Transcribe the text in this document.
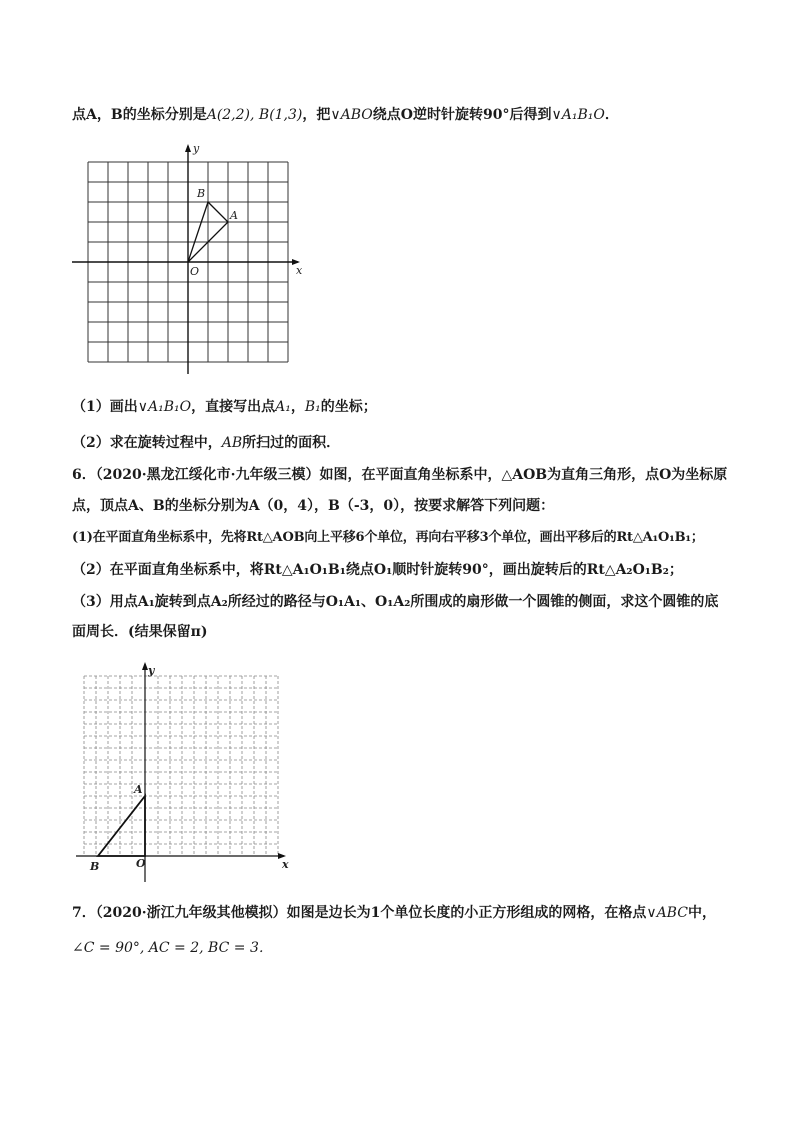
点A，B的坐标分别是A(2,2), B(1,3)，把∨ABO绕点O逆时针旋转90°后得到∨A₁B₁O．
y
x
B
A
O
（1）画出∨A₁B₁O，直接写出点A₁，B₁的坐标；
（2）求在旋转过程中，AB所扫过的面积．
6．（2020·黑龙江绥化市·九年级三模）如图，在平面直角坐标系中，△AOB为直角三角形，点O为坐标原
点，顶点A、B的坐标分别为A（0，4），B（-3，0），按要求解答下列问题：
(1)在平面直角坐标系中，先将Rt△AOB向上平移6个单位，再向右平移3个单位，画出平移后的Rt△A₁O₁B₁；
（2）在平面直角坐标系中，将Rt△A₁O₁B₁绕点O₁顺时针旋转90°，画出旋转后的Rt△A₂O₁B₂；
（3）用点A₁旋转到点A₂所经过的路径与O₁A₁、O₁A₂所围成的扇形做一个圆锥的侧面，求这个圆锥的底
面周长．(结果保留π)
y
x
A
B	O
7．（2020·浙江九年级其他模拟）如图是边长为1个单位长度的小正方形组成的网格，在格点∨ABC中，
∠C = 90°, AC = 2, BC = 3．
